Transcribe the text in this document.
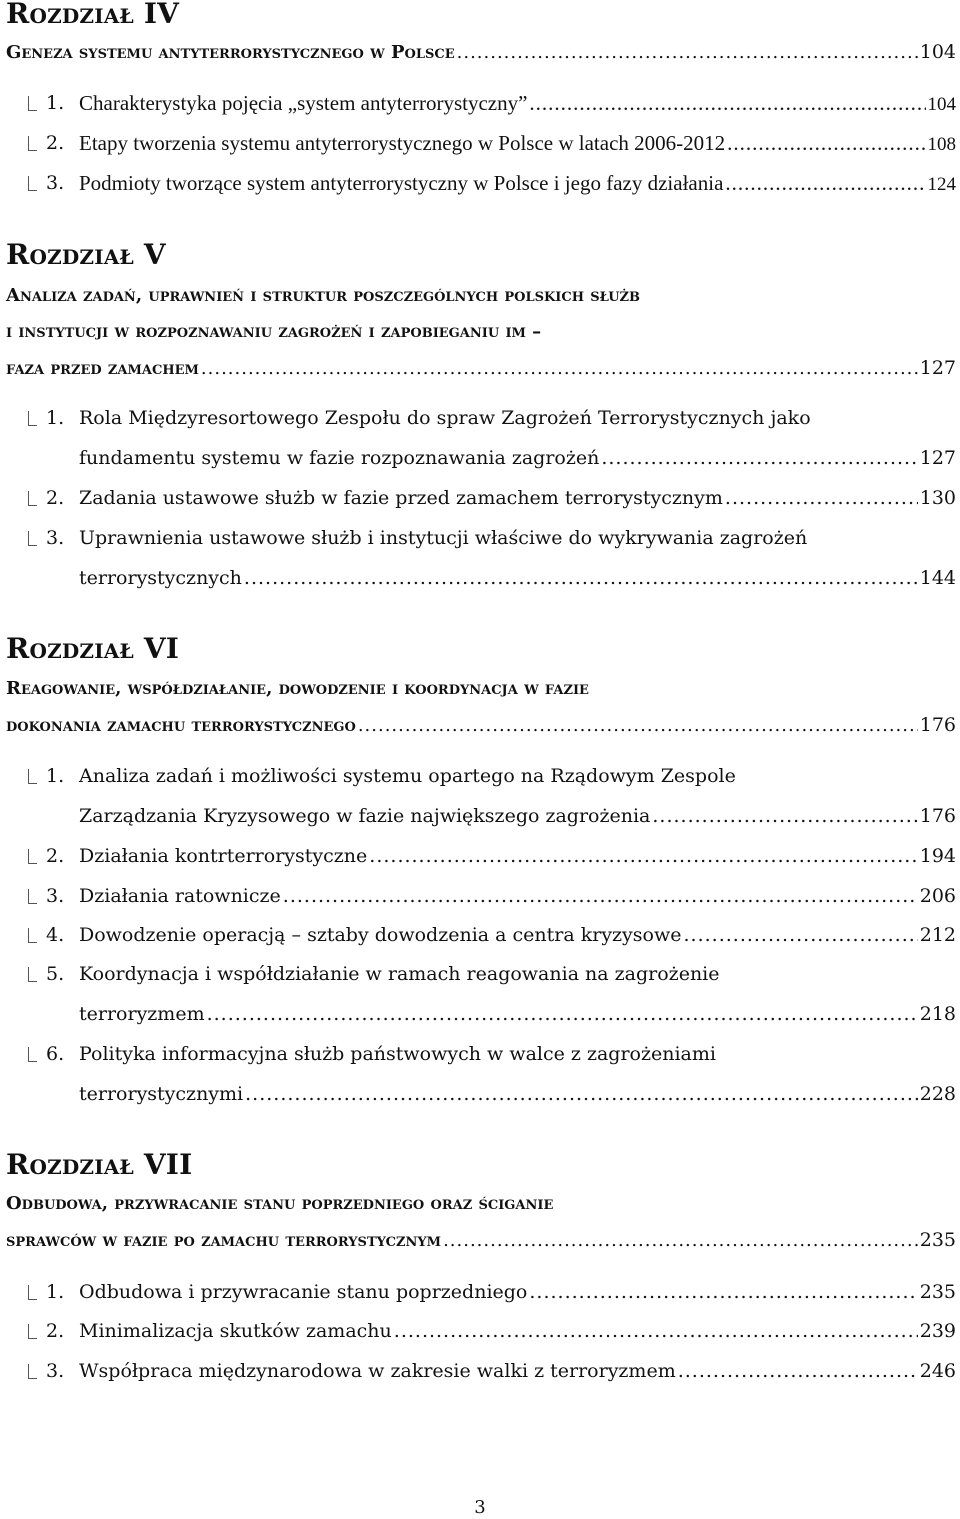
Rozdział IV
Geneza systemu antyterrorystycznego w Polsce .....	104
1. Charakterystyka pojęcia „system antyterrorystyczny” .....	104
2. Etapy tworzenia systemu antyterrorystycznego w Polsce w latach 2006-2012 .....	108
3. Podmioty tworzące system antyterrorystyczny w Polsce i jego fazy działania .....	124
Rozdział V
Analiza zadań, uprawnień i struktur poszczególnych polskich służb
i instytucji w rozpoznawaniu zagrożeń i zapobieganiu im –
faza przed zamachem .....	127
1. Rola Międzyresortowego Zespołu do spraw Zagrożeń Terrorystycznych jako
fundamentu systemu w fazie rozpoznawania zagrożeń .....	127
2. Zadania ustawowe służb w fazie przed zamachem terrorystycznym .....	130
3. Uprawnienia ustawowe służb i instytucji właściwe do wykrywania zagrożeń
terrorystycznych .....	144
Rozdział VI
Reagowanie, współdziałanie, dowodzenie i koordynacja w fazie
dokonania zamachu terrorystycznego .....	176
1. Analiza zadań i możliwości systemu opartego na Rządowym Zespole
Zarządzania Kryzysowego w fazie największego zagrożenia .....	176
2. Działania kontrterrorystyczne .....	194
3. Działania ratownicze .....	206
4. Dowodzenie operacją – sztaby dowodzenia a centra kryzysowe .....	212
5. Koordynacja i współdziałanie w ramach reagowania na zagrożenie
terroryzmem .....	218
6. Polityka informacyjna służb państwowych w walce z zagrożeniami
terrorystycznymi .....	228
Rozdział VII
Odbudowa, przywracanie stanu poprzedniego oraz ściganie
sprawców w fazie po zamachu terrorystycznym .....	235
1. Odbudowa i przywracanie stanu poprzedniego .....	235
2. Minimalizacja skutków zamachu .....	239
3. Współpraca międzynarodowa w zakresie walki z terroryzmem .....	246
3
